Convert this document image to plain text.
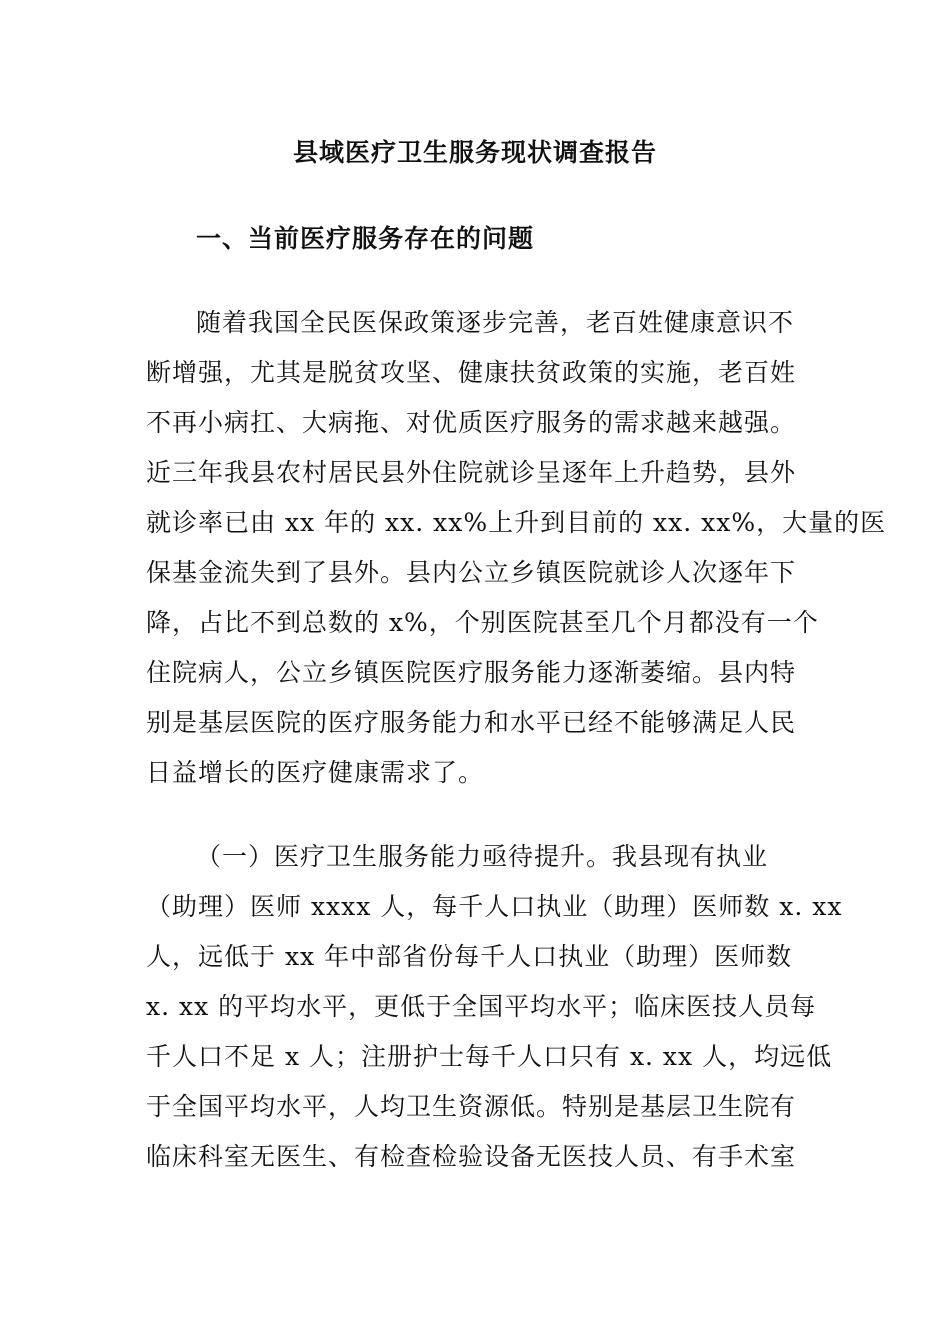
县域医疗卫生服务现状调查报告
一、当前医疗服务存在的问题
随着我国全民医保政策逐步完善，老百姓健康意识不
断增强，尤其是脱贫攻坚、健康扶贫政策的实施，老百姓
不再小病扛、大病拖、对优质医疗服务的需求越来越强。
近三年我县农村居民县外住院就诊呈逐年上升趋势，县外
就诊率已由 xx 年的 xx. xx%上升到目前的 xx. xx%，大量的医
保基金流失到了县外。县内公立乡镇医院就诊人次逐年下
降，占比不到总数的 x%，个别医院甚至几个月都没有一个
住院病人，公立乡镇医院医疗服务能力逐渐萎缩。县内特
别是基层医院的医疗服务能力和水平已经不能够满足人民
日益增长的医疗健康需求了。
（一）医疗卫生服务能力亟待提升。我县现有执业
（助理）医师 xxxx 人，每千人口执业（助理）医师数 x. xx
人，远低于 xx 年中部省份每千人口执业（助理）医师数
x. xx 的平均水平，更低于全国平均水平；临床医技人员每
千人口不足 x 人；注册护士每千人口只有 x. xx 人，均远低
于全国平均水平，人均卫生资源低。特别是基层卫生院有
临床科室无医生、有检查检验设备无医技人员、有手术室
